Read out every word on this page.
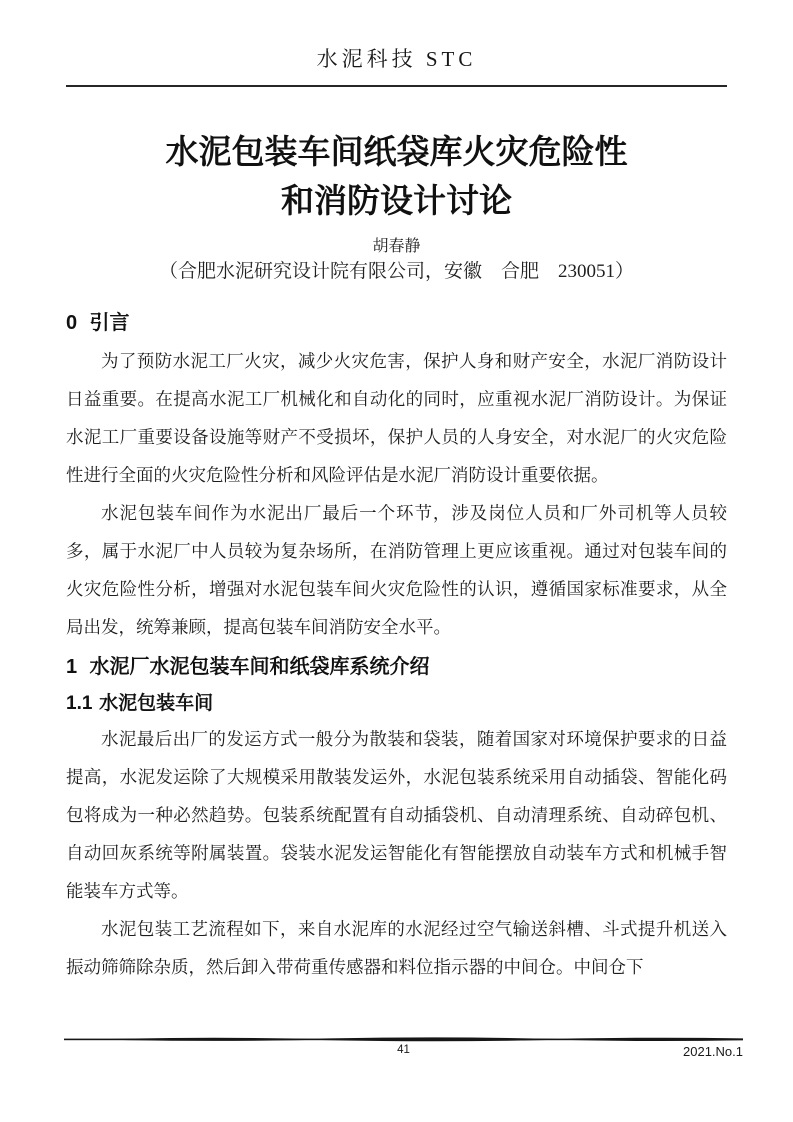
水泥科技 STC
水泥包装车间纸袋库火灾危险性
和消防设计讨论
胡春静
（合肥水泥研究设计院有限公司，安徽　合肥　230051）
0 引言

为了预防水泥工厂火灾，减少火灾危害，保护人身和财产安全，水泥厂消防设计日益重要。在提高水泥工厂机械化和自动化的同时，应重视水泥厂消防设计。为保证水泥工厂重要设备设施等财产不受损坏，保护人员的人身安全，对水泥厂的火灾危险性进行全面的火灾危险性分析和风险评估是水泥厂消防设计重要依据。

水泥包装车间作为水泥出厂最后一个环节，涉及岗位人员和厂外司机等人员较多，属于水泥厂中人员较为复杂场所，在消防管理上更应该重视。通过对包装车间的火灾危险性分析，增强对水泥包装车间火灾危险性的认识，遵循国家标准要求，从全局出发，统筹兼顾，提高包装车间消防安全水平。

1 水泥厂水泥包装车间和纸袋库系统介绍
1.1 水泥包装车间

水泥最后出厂的发运方式一般分为散装和袋装，随着国家对环境保护要求的日益提高，水泥发运除了大规模采用散装发运外，水泥包装系统采用自动插袋、智能化码包将成为一种必然趋势。包装系统配置有自动插袋机、自动清理系统、自动碎包机、自动回灰系统等附属装置。袋装水泥发运智能化有智能摆放自动装车方式和机械手智能装车方式等。

水泥包装工艺流程如下，来自水泥库的水泥经过空气输送斜槽、斗式提升机送入振动筛筛除杂质，然后卸入带荷重传感器和料位指示器的中间仓。中间仓下

41	2021.No.1
